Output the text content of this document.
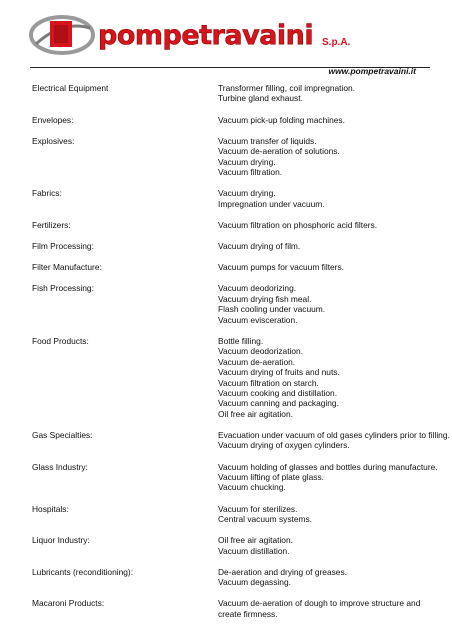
pompetravaini S.p.A.
www.pompetravaini.it
Electrical Equipment	Transformer filling, coil impregnation.
Turbine gland exhaust.
Envelopes:	Vacuum pick-up folding machines.
Explosives:	Vacuum transfer of liquids.
Vacuum de-aeration of solutions.
Vacuum drying.
Vacuum filtration.
Fabrics:	Vacuum drying.
Impregnation under vacuum.
Fertilizers:	Vacuum filtration on phosphoric acid filters.
Film Processing:	Vacuum drying of film.
Filter Manufacture:	Vacuum pumps for vacuum filters.
Fish Processing:	Vacuum deodorizing.
Vacuum drying fish meal.
Flash cooling under vacuum.
Vacuum evisceration.
Food Products:	Bottle filling.
Vacuum deodorization.
Vacuum de-aeration.
Vacuum drying of fruits and nuts.
Vacuum filtration on starch.
Vacuum cooking and distillation.
Vacuum canning and packaging.
Oil free air agitation.
Gas Specialties:	Evacuation under vacuum of old gases cylinders prior to filling.
Vacuum drying of oxygen cylinders.
Glass Industry:	Vacuum holding of glasses and bottles during manufacture.
Vacuum lifting of plate glass.
Vacuum chucking.
Hospitals:	Vacuum for sterilizes.
Central vacuum systems.
Liquor Industry:	Oil free air agitation.
Vacuum distillation.
Lubricants (reconditioning):	De-aeration and drying of greases.
Vacuum degassing.
Macaroni Products:	Vacuum de-aeration of dough to improve structure and
create firmness.
